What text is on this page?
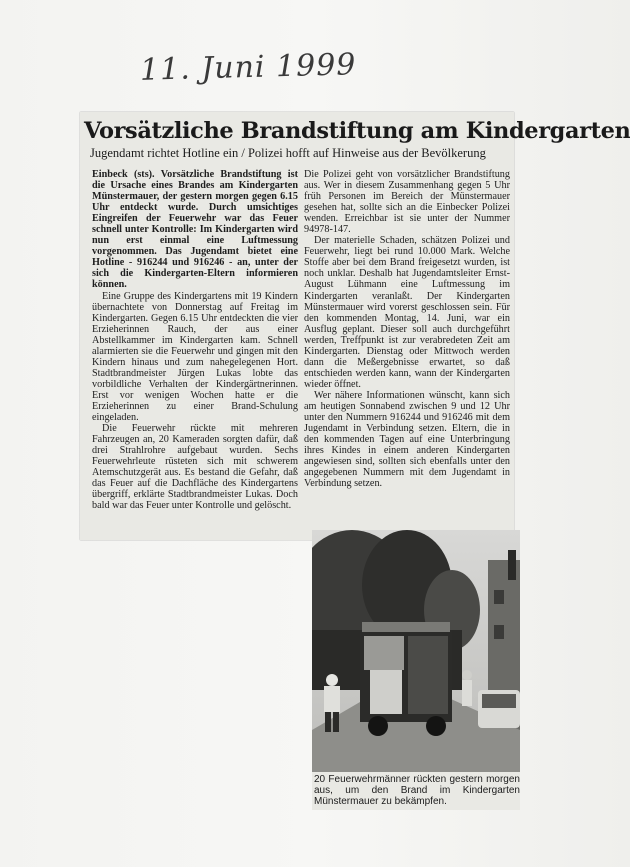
11. Juni 1999
Vorsätzliche Brandstiftung am Kindergarten
Jugendamt richtet Hotline ein / Polizei hofft auf Hinweise aus der Bevölkerung

Einbeck (sts). Vorsätzliche Brandstiftung ist die Ursache eines Brandes am Kindergarten Münstermauer, der gestern morgen gegen 6.15 Uhr entdeckt wurde. Durch umsichtiges Eingreifen der Feuerwehr war das Feuer schnell unter Kontrolle: Im Kindergarten wird nun erst einmal eine Luftmessung vorgenommen. Das Jugendamt bietet eine Hotline - 916244 und 916246 - an, unter der sich die Kindergarten-Eltern informieren können.

Eine Gruppe des Kindergartens mit 19 Kindern übernachtete von Donnerstag auf Freitag im Kindergarten. Gegen 6.15 Uhr entdeckten die vier Erzieherinnen Rauch, der aus einer Abstellkammer im Kindergarten kam. Schnell alarmierten sie die Feuerwehr und gingen mit den Kindern hinaus und zum nahegelegenen Hort. Stadtbrandmeister Jürgen Lukas lobte das vorbildliche Verhalten der Kindergärtnerinnen. Erst vor wenigen Wochen hatte er die Erzieherinnen zu einer Brand-Schulung eingeladen.

Die Feuerwehr rückte mit mehreren Fahrzeugen an, 20 Kameraden sorgten dafür, daß drei Strahlrohre aufgebaut wurden. Sechs Feuerwehrleute rüsteten sich mit schwerem Atemschutzgerät aus. Es bestand die Gefahr, daß das Feuer auf die Dachfläche des Kindergartens übergriff, erklärte Stadtbrandmeister Lukas. Doch bald war das Feuer unter Kontrolle und gelöscht.

Die Polizei geht von vorsätzlicher Brandstiftung aus. Wer in diesem Zusammenhang gegen 5 Uhr früh Personen im Bereich der Münstermauer gesehen hat, sollte sich an die Einbecker Polizei wenden. Erreichbar ist sie unter der Nummer 94978-147.

Der materielle Schaden, schätzen Polizei und Feuerwehr, liegt bei rund 10.000 Mark. Welche Stoffe aber bei dem Brand freigesetzt wurden, ist noch unklar. Deshalb hat Jugendamtsleiter Ernst-August Lühmann eine Luftmessung im Kindergarten veranlaßt. Der Kindergarten Münstermauer wird vorerst geschlossen sein. Für den kommenden Montag, 14. Juni, war ein Ausflug geplant. Dieser soll auch durchgeführt werden, Treffpunkt ist zur verabredeten Zeit am Kindergarten. Dienstag oder Mittwoch werden dann die Meßergebnisse erwartet, so daß entschieden werden kann, wann der Kindergarten wieder öffnet.

Wer nähere Informationen wünscht, kann sich am heutigen Sonnabend zwischen 9 und 12 Uhr unter den Nummern 916244 und 916246 mit dem Jugendamt in Verbindung setzen. Eltern, die in den kommenden Tagen auf eine Unterbringung ihres Kindes in einem anderen Kindergarten angewiesen sind, sollten sich ebenfalls unter den angegebenen Nummern mit dem Jugendamt in Verbindung setzen.

20 Feuerwehrmänner rückten gestern morgen aus, um den Brand im Kindergarten Münstermauer zu bekämpfen.
